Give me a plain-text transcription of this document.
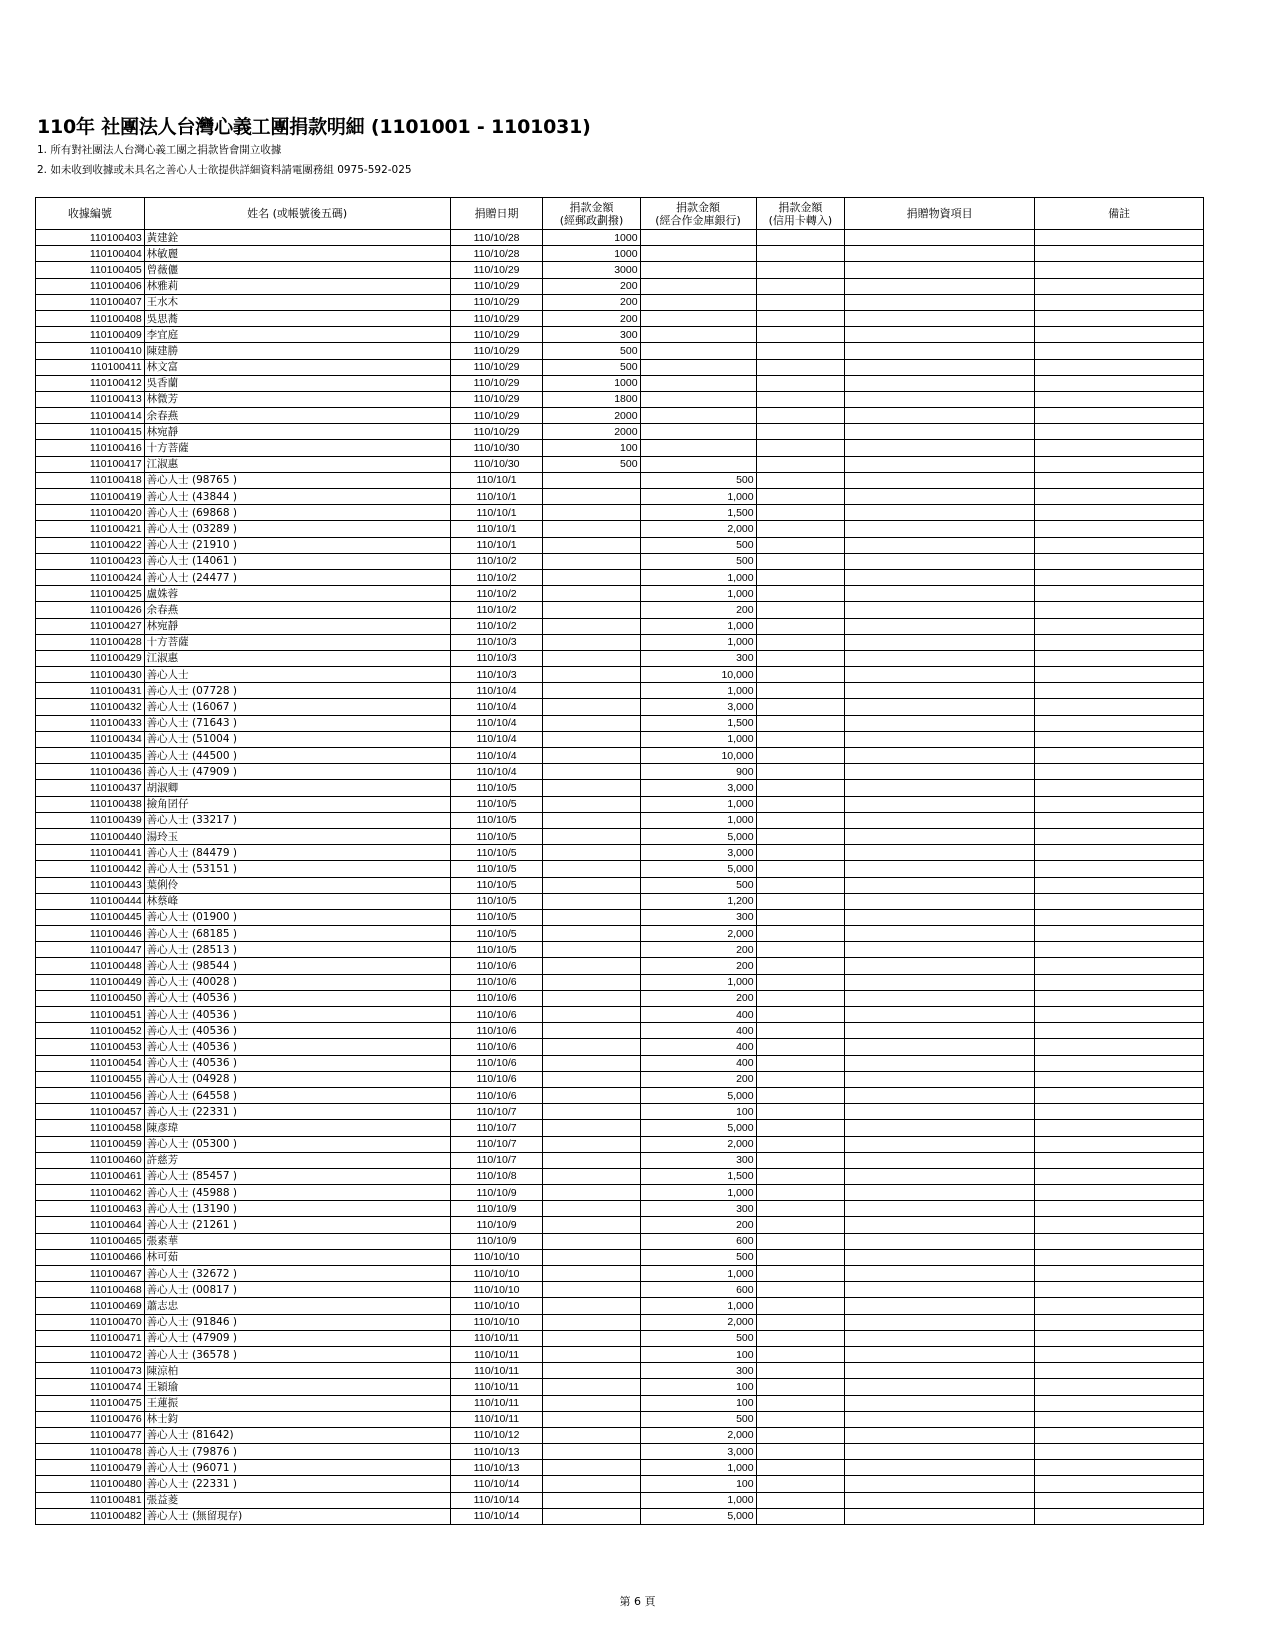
110年 社團法人台灣心義工團捐款明細 (1101001 - 1101031)
1. 所有對社團法人台灣心義工團之捐款皆會開立收據
2. 如未收到收據或未具名之善心人士欲提供詳細資料請電團務組 0975-592-025
收據編號	姓名 (或帳號後五碼)	捐贈日期	捐款金額
(經郵政劃撥)	捐款金額
(經合作金庫銀行)	捐款金額
(信用卡轉入)	捐贈物資項目	備註
110100403	黃建銓	110/10/28	1000				
110100404	林敏麗	110/10/28	1000				
110100405	曾薇儷	110/10/29	3000				
110100406	林雅莉	110/10/29	200				
110100407	王水木	110/10/29	200				
110100408	吳思蕎	110/10/29	200				
110100409	李宜庭	110/10/29	300				
110100410	陳建勝	110/10/29	500				
110100411	林文富	110/10/29	500				
110100412	吳香蘭	110/10/29	1000				
110100413	林微芳	110/10/29	1800				
110100414	余春燕	110/10/29	2000				
110100415	林宛靜	110/10/29	2000				
110100416	十方菩薩	110/10/30	100				
110100417	江淑惠	110/10/30	500				
110100418	善心人士 (98765 )	110/10/1		500			
110100419	善心人士 (43844 )	110/10/1		1,000			
110100420	善心人士 (69868 )	110/10/1		1,500			
110100421	善心人士 (03289 )	110/10/1		2,000			
110100422	善心人士 (21910 )	110/10/1		500			
110100423	善心人士 (14061 )	110/10/2		500			
110100424	善心人士 (24477 )	110/10/2		1,000			
110100425	盧姝蓉	110/10/2		1,000			
110100426	余春燕	110/10/2		200			
110100427	林宛靜	110/10/2		1,000			
110100428	十方菩薩	110/10/3		1,000			
110100429	江淑惠	110/10/3		300			
110100430	善心人士	110/10/3		10,000			
110100431	善心人士 (07728 )	110/10/4		1,000			
110100432	善心人士 (16067 )	110/10/4		3,000			
110100433	善心人士 (71643 )	110/10/4		1,500			
110100434	善心人士 (51004 )	110/10/4		1,000			
110100435	善心人士 (44500 )	110/10/4		10,000			
110100436	善心人士 (47909 )	110/10/4		900			
110100437	胡淑卿	110/10/5		3,000			
110100438	撿角囝仔	110/10/5		1,000			
110100439	善心人士 (33217 )	110/10/5		1,000			
110100440	湯玲玉	110/10/5		5,000			
110100441	善心人士 (84479 )	110/10/5		3,000			
110100442	善心人士 (53151 )	110/10/5		5,000			
110100443	葉俐伶	110/10/5		500			
110100444	林蔡峰	110/10/5		1,200			
110100445	善心人士 (01900 )	110/10/5		300			
110100446	善心人士 (68185 )	110/10/5		2,000			
110100447	善心人士 (28513 )	110/10/5		200			
110100448	善心人士 (98544 )	110/10/6		200			
110100449	善心人士 (40028 )	110/10/6		1,000			
110100450	善心人士 (40536 )	110/10/6		200			
110100451	善心人士 (40536 )	110/10/6		400			
110100452	善心人士 (40536 )	110/10/6		400			
110100453	善心人士 (40536 )	110/10/6		400			
110100454	善心人士 (40536 )	110/10/6		400			
110100455	善心人士 (04928 )	110/10/6		200			
110100456	善心人士 (64558 )	110/10/6		5,000			
110100457	善心人士 (22331 )	110/10/7		100			
110100458	陳彥瑋	110/10/7		5,000			
110100459	善心人士 (05300 )	110/10/7		2,000			
110100460	許慈芳	110/10/7		300			
110100461	善心人士 (85457 )	110/10/8		1,500			
110100462	善心人士 (45988 )	110/10/9		1,000			
110100463	善心人士 (13190 )	110/10/9		300			
110100464	善心人士 (21261 )	110/10/9		200			
110100465	張素華	110/10/9		600			
110100466	林可茹	110/10/10		500			
110100467	善心人士 (32672 )	110/10/10		1,000			
110100468	善心人士 (00817 )	110/10/10		600			
110100469	蕭志忠	110/10/10		1,000			
110100470	善心人士 (91846 )	110/10/10		2,000			
110100471	善心人士 (47909 )	110/10/11		500			
110100472	善心人士 (36578 )	110/10/11		100			
110100473	陳涼柏	110/10/11		300			
110100474	王穎瑜	110/10/11		100			
110100475	王蓮振	110/10/11		100			
110100476	林士鈞	110/10/11		500			
110100477	善心人士 (81642)	110/10/12		2,000			
110100478	善心人士 (79876 )	110/10/13		3,000			
110100479	善心人士 (96071 )	110/10/13		1,000			
110100480	善心人士 (22331 )	110/10/14		100			
110100481	張益菱	110/10/14		1,000			
110100482	善心人士 (無留現存)	110/10/14		5,000			
第 6 頁
